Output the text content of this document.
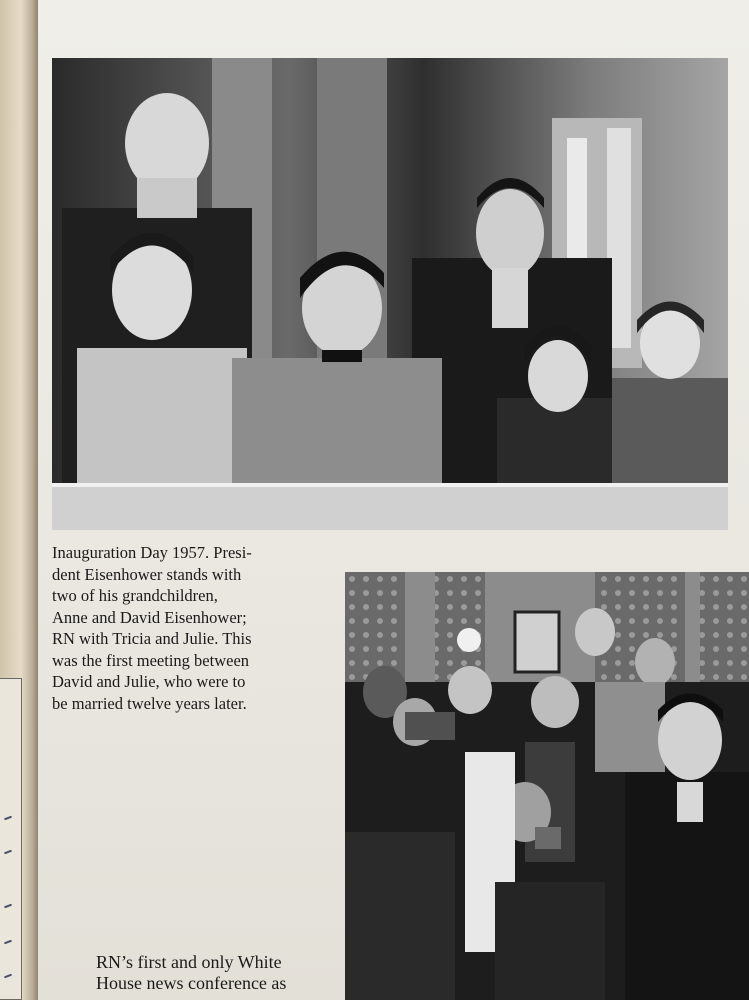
Inauguration Day 1957. Presi-

dent Eisenhower stands with

two of his grandchildren,

Anne and David Eisenhower;

RN with Tricia and Julie. This

was the first meeting between

David and Julie, who were to

be married twelve years later.

RN’s first and only White

House news conference as
